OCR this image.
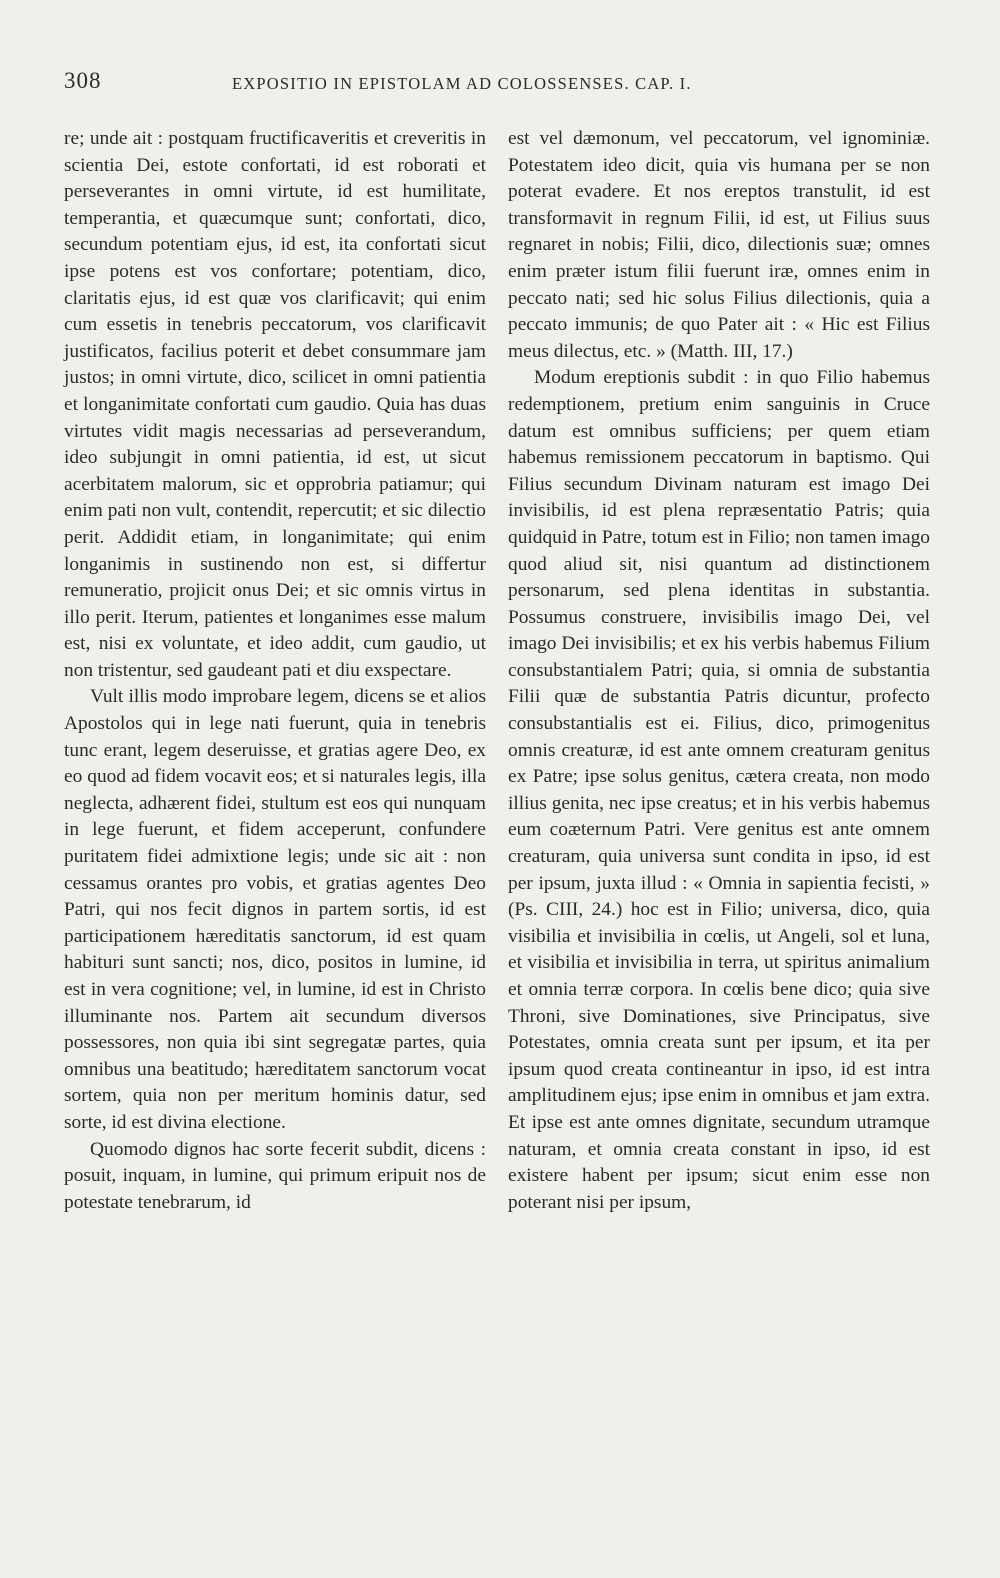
308	EXPOSITIO IN EPISTOLAM AD COLOSSENSES. CAP. I.

re; unde ait : postquam fructificaveritis et creveritis in scientia Dei, estote confortati, id est roborati et perseverantes in omni virtute, id est humilitate, temperantia, et quæcumque sunt; confortati, dico, secundum potentiam ejus, id est, ita confortati sicut ipse potens est vos confortare; potentiam, dico, claritatis ejus, id est quæ vos clarificavit; qui enim cum essetis in tenebris peccatorum, vos clarificavit justificatos, facilius poterit et debet consummare jam justos; in omni virtute, dico, scilicet in omni patientia et longanimitate confortati cum gaudio. Quia has duas virtutes vidit magis necessarias ad perseverandum, ideo subjungit in omni patientia, id est, ut sicut acerbitatem malorum, sic et opprobria patiamur; qui enim pati non vult, contendit, repercutit; et sic dilectio perit. Addidit etiam, in longanimitate; qui enim longanimis in sustinendo non est, si differtur remuneratio, projicit onus Dei; et sic omnis virtus in illo perit. Iterum, patientes et longanimes esse malum est, nisi ex voluntate, et ideo addit, cum gaudio, ut non tristentur, sed gaudeant pati et diu exspectare.

Vult illis modo improbare legem, dicens se et alios Apostolos qui in lege nati fuerunt, quia in tenebris tunc erant, legem deseruisse, et gratias agere Deo, ex eo quod ad fidem vocavit eos; et si naturales legis, illa neglecta, adhærent fidei, stultum est eos qui nunquam in lege fuerunt, et fidem acceperunt, confundere puritatem fidei admixtione legis; unde sic ait : non cessamus orantes pro vobis, et gratias agentes Deo Patri, qui nos fecit dignos in partem sortis, id est participationem hæreditatis sanctorum, id est quam habituri sunt sancti; nos, dico, positos in lumine, id est in vera cognitione; vel, in lumine, id est in Christo illuminante nos. Partem ait secundum diversos possessores, non quia ibi sint segregatæ partes, quia omnibus una beatitudo; hæreditatem sanctorum vocat sortem, quia non per meritum hominis datur, sed sorte, id est divina electione.

Quomodo dignos hac sorte fecerit subdit, dicens : posuit, inquam, in lumine, qui primum eripuit nos de potestate tenebrarum, id

est vel dæmonum, vel peccatorum, vel ignominiæ. Potestatem ideo dicit, quia vis humana per se non poterat evadere. Et nos ereptos transtulit, id est transformavit in regnum Filii, id est, ut Filius suus regnaret in nobis; Filii, dico, dilectionis suæ; omnes enim præter istum filii fuerunt iræ, omnes enim in peccato nati; sed hic solus Filius dilectionis, quia a peccato immunis; de quo Pater ait : « Hic est Filius meus dilectus, etc. » (Matth. III, 17.)

Modum ereptionis subdit : in quo Filio habemus redemptionem, pretium enim sanguinis in Cruce datum est omnibus sufficiens; per quem etiam habemus remissionem peccatorum in baptismo. Qui Filius secundum Divinam naturam est imago Dei invisibilis, id est plena repræsentatio Patris; quia quidquid in Patre, totum est in Filio; non tamen imago quod aliud sit, nisi quantum ad distinctionem personarum, sed plena identitas in substantia. Possumus construere, invisibilis imago Dei, vel imago Dei invisibilis; et ex his verbis habemus Filium consubstantialem Patri; quia, si omnia de substantia Filii quæ de substantia Patris dicuntur, profecto consubstantialis est ei. Filius, dico, primogenitus omnis creaturæ, id est ante omnem creaturam genitus ex Patre; ipse solus genitus, cætera creata, non modo illius genita, nec ipse creatus; et in his verbis habemus eum coæternum Patri. Vere genitus est ante omnem creaturam, quia universa sunt condita in ipso, id est per ipsum, juxta illud : « Omnia in sapientia fecisti, » (Ps. CIII, 24.) hoc est in Filio; universa, dico, quia visibilia et invisibilia in cœlis, ut Angeli, sol et luna, et visibilia et invisibilia in terra, ut spiritus animalium et omnia terræ corpora. In cœlis bene dico; quia sive Throni, sive Dominationes, sive Principatus, sive Potestates, omnia creata sunt per ipsum, et ita per ipsum quod creata contineantur in ipso, id est intra amplitudinem ejus; ipse enim in omnibus et jam extra. Et ipse est ante omnes dignitate, secundum utramque naturam, et omnia creata constant in ipso, id est existere habent per ipsum; sicut enim esse non poterant nisi per ipsum,
